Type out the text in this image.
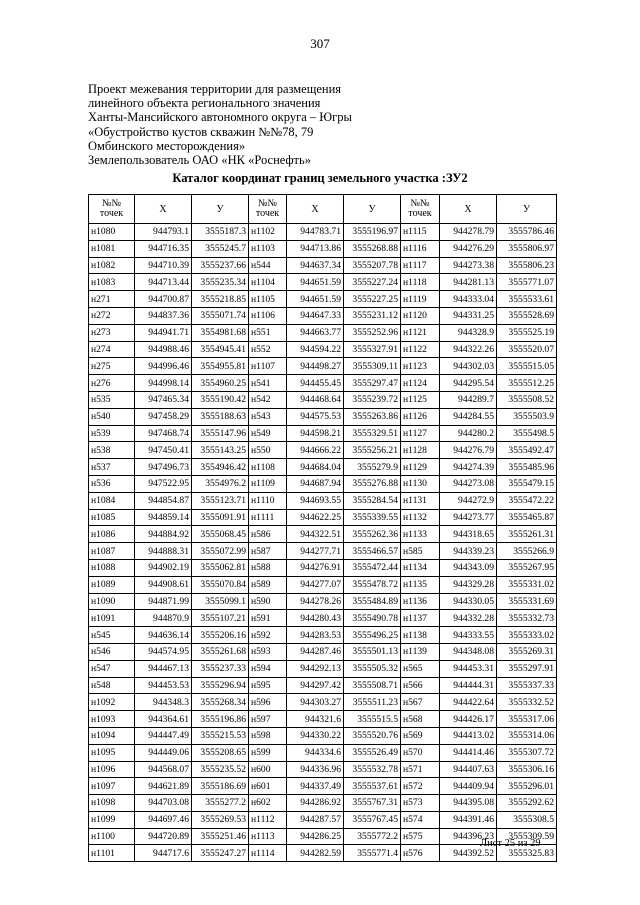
307
Проект межевания территории для размещения
линейного объекта регионального значения
Ханты-Мансийского автономного округа – Югры
«Обустройство кустов скважин №№78, 79
Омбинского месторождения»
Землепользователь ОАО «НК «Роснефть»
Каталог координат границ земельного участка :ЗУ2
№№
точек	X	У	№№
точек	X	У	№№
точек	X	У
н1080	944793.1	3555187.3	н1102	944783.71	3555196.97	н1115	944278.79	3555786.46
н1081	944716.35	3555245.7	н1103	944713.86	3555268.88	н1116	944276.29	3555806.97
н1082	944710.39	3555237.66	н544	944637.34	3555207.78	н1117	944273.38	3555806.23
н1083	944713.44	3555235.34	н1104	944651.59	3555227.24	н1118	944281.13	3555771.07
н271	944700.87	3555218.85	н1105	944651.59	3555227.25	н1119	944333.04	3555533.61
н272	944837.36	3555071.74	н1106	944647.33	3555231.12	н1120	944331.25	3555528.69
н273	944941.71	3554981.68	н551	944663.77	3555252.96	н1121	944328.9	3555525.19
н274	944988.46	3554945.41	н552	944594.22	3555327.91	н1122	944322.26	3555520.07
н275	944996.46	3554955.81	н1107	944498.27	3555309.11	н1123	944302.03	3555515.05
н276	944998.14	3554960.25	н541	944455.45	3555297.47	н1124	944295.54	3555512.25
н535	947465.34	3555190.42	н542	944468.64	3555239.72	н1125	944289.7	3555508.52
н540	947458.29	3555188.63	н543	944575.53	3555263.86	н1126	944284.55	3555503.9
н539	947468.74	3555147.96	н549	944598.21	3555329.51	н1127	944280.2	3555498.5
н538	947450.41	3555143.25	н550	944666.22	3555256.21	н1128	944276.79	3555492.47
н537	947496.73	3554946.42	н1108	944684.04	3555279.9	н1129	944274.39	3555485.96
н536	947522.95	3554976.2	н1109	944687.94	3555276.88	н1130	944273.08	3555479.15
н1084	944854.87	3555123.71	н1110	944693.55	3555284.54	н1131	944272.9	3555472.22
н1085	944859.14	3555091.91	н1111	944622.25	3555339.55	н1132	944273.77	3555465.87
н1086	944884.92	3555068.45	н586	944322.51	3555262.36	н1133	944318.65	3555261.31
н1087	944888.31	3555072.99	н587	944277.71	3555466.57	н585	944339.23	3555266.9
н1088	944902.19	3555062.81	н588	944276.91	3555472.44	н1134	944343.09	3555267.95
н1089	944908.61	3555070.84	н589	944277.07	3555478.72	н1135	944329.28	3555331.02
н1090	944871.99	3555099.1	н590	944278.26	3555484.89	н1136	944330.05	3555331.69
н1091	944870.9	3555107.21	н591	944280.43	3555490.78	н1137	944332.28	3555332.73
н545	944636.14	3555206.16	н592	944283.53	3555496.25	н1138	944333.55	3555333.02
н546	944574.95	3555261.68	н593	944287.46	3555501.13	н1139	944348.08	3555269.31
н547	944467.13	3555237.33	н594	944292.13	3555505.32	н565	944453.31	3555297.91
н548	944453.53	3555296.94	н595	944297.42	3555508.71	н566	944444.31	3555337.33
н1092	944348.3	3555268.34	н596	944303.27	3555511.23	н567	944422.64	3555332.52
н1093	944364.61	3555196.86	н597	944321.6	3555515.5	н568	944426.17	3555317.06
н1094	944447.49	3555215.53	н598	944330.22	3555520.76	н569	944413.02	3555314.06
н1095	944449.06	3555208.65	н599	944334.6	3555526.49	н570	944414.46	3555307.72
н1096	944568.07	3555235.52	н600	944336.96	3555532.78	н571	944407.63	3555306.16
н1097	944621.89	3555186.69	н601	944337.49	3555537.61	н572	944409.94	3555296.01
н1098	944703.08	3555277.2	н602	944286.92	3555767.31	н573	944395.08	3555292.62
н1099	944697.46	3555269.53	н1112	944287.57	3555767.45	н574	944391.46	3555308.5
н1100	944720.89	3555251.46	н1113	944286.25	3555772.2	н575	944396.23	3555309.59
н1101	944717.6	3555247.27	н1114	944282.59	3555771.4	н576	944392.52	3555325.83
Лист 25 из 29
